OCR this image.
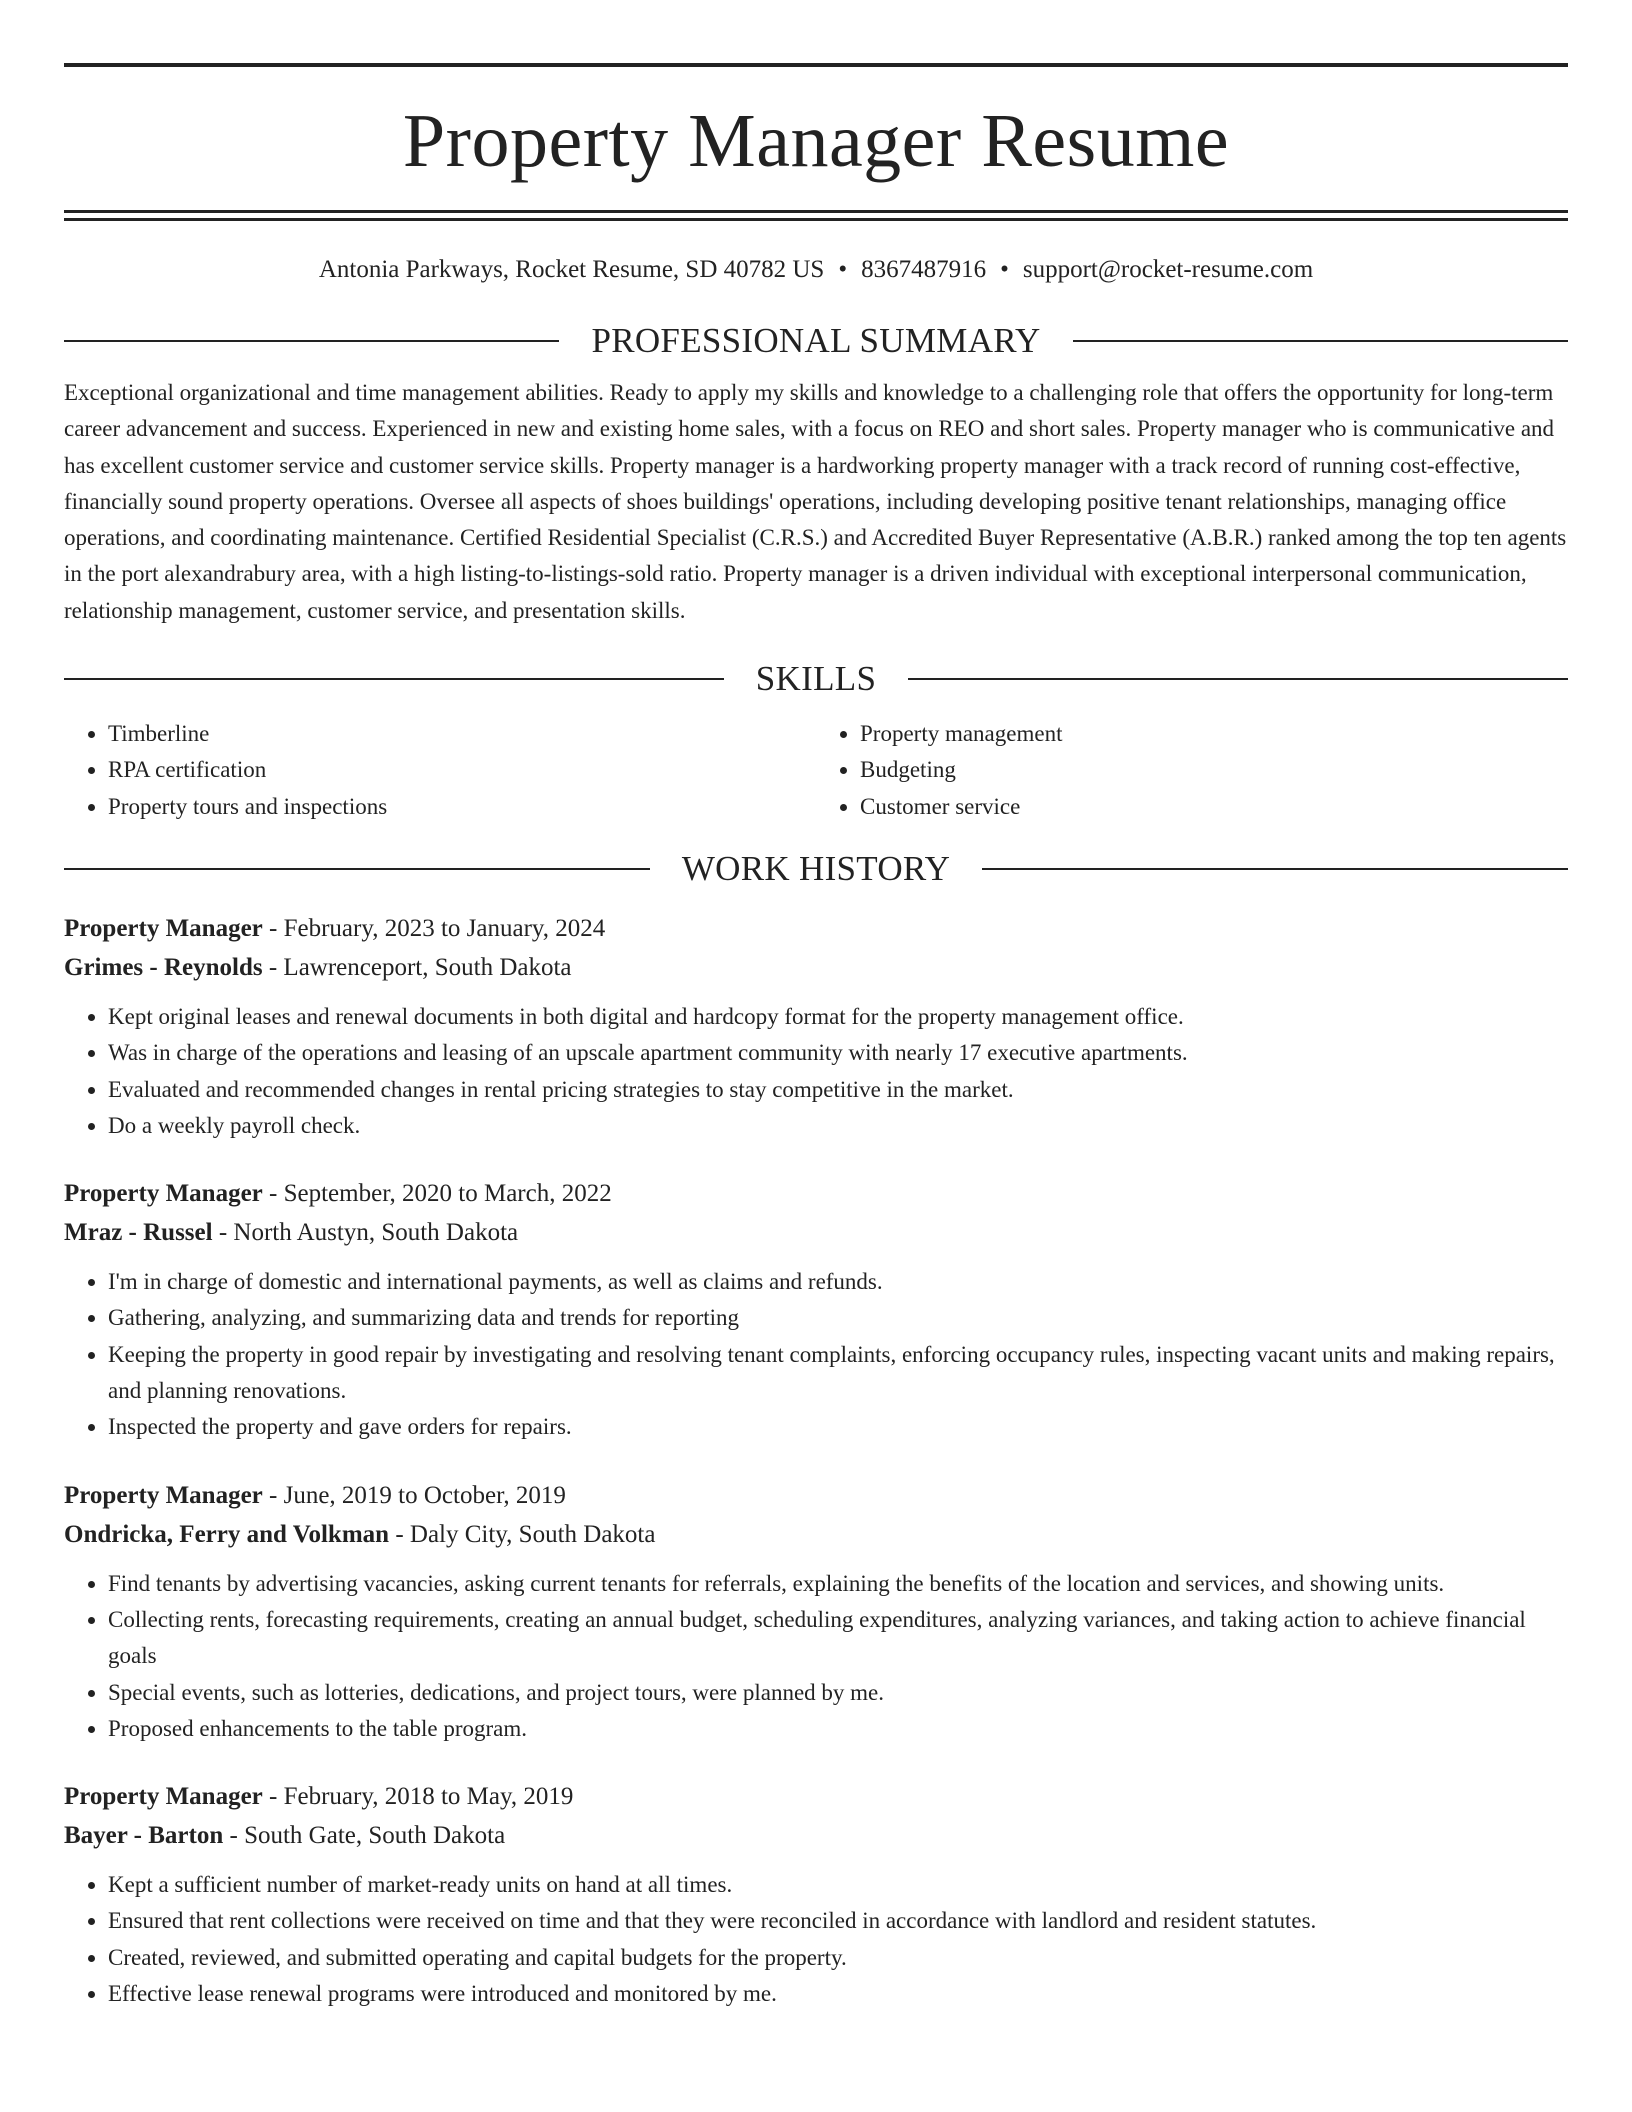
Property Manager Resume
Antonia Parkways, Rocket Resume, SD 40782 US • 8367487916 • support@rocket-resume.com
PROFESSIONAL SUMMARY

Exceptional organizational and time management abilities. Ready to apply my skills and knowledge to a challenging role that offers the opportunity for long-term career advancement and success. Experienced in new and existing home sales, with a focus on REO and short sales. Property manager who is communicative and has excellent customer service and customer service skills. Property manager is a hardworking property manager with a track record of running cost-effective, financially sound property operations. Oversee all aspects of shoes buildings' operations, including developing positive tenant relationships, managing office operations, and coordinating maintenance. Certified Residential Specialist (C.R.S.) and Accredited Buyer Representative (A.B.R.) ranked among the top ten agents in the port alexandrabury area, with a high listing-to-listings-sold ratio. Property manager is a driven individual with exceptional interpersonal communication, relationship management, customer service, and presentation skills.

SKILLS
• Timberline
• RPA certification
• Property tours and inspections
• Property management
• Budgeting
• Customer service
WORK HISTORY
Property Manager - February, 2023 to January, 2024
Grimes - Reynolds - Lawrenceport, South Dakota
• Kept original leases and renewal documents in both digital and hardcopy format for the property management office.
• Was in charge of the operations and leasing of an upscale apartment community with nearly 17 executive apartments.
• Evaluated and recommended changes in rental pricing strategies to stay competitive in the market.
• Do a weekly payroll check.
Property Manager - September, 2020 to March, 2022
Mraz - Russel - North Austyn, South Dakota
• I'm in charge of domestic and international payments, as well as claims and refunds.
• Gathering, analyzing, and summarizing data and trends for reporting
• Keeping the property in good repair by investigating and resolving tenant complaints, enforcing occupancy rules, inspecting vacant units and making repairs, and planning renovations.
• Inspected the property and gave orders for repairs.
Property Manager - June, 2019 to October, 2019
Ondricka, Ferry and Volkman - Daly City, South Dakota
• Find tenants by advertising vacancies, asking current tenants for referrals, explaining the benefits of the location and services, and showing units.
• Collecting rents, forecasting requirements, creating an annual budget, scheduling expenditures, analyzing variances, and taking action to achieve financial goals
• Special events, such as lotteries, dedications, and project tours, were planned by me.
• Proposed enhancements to the table program.
Property Manager - February, 2018 to May, 2019
Bayer - Barton - South Gate, South Dakota
• Kept a sufficient number of market-ready units on hand at all times.
• Ensured that rent collections were received on time and that they were reconciled in accordance with landlord and resident statutes.
• Created, reviewed, and submitted operating and capital budgets for the property.
• Effective lease renewal programs were introduced and monitored by me.
